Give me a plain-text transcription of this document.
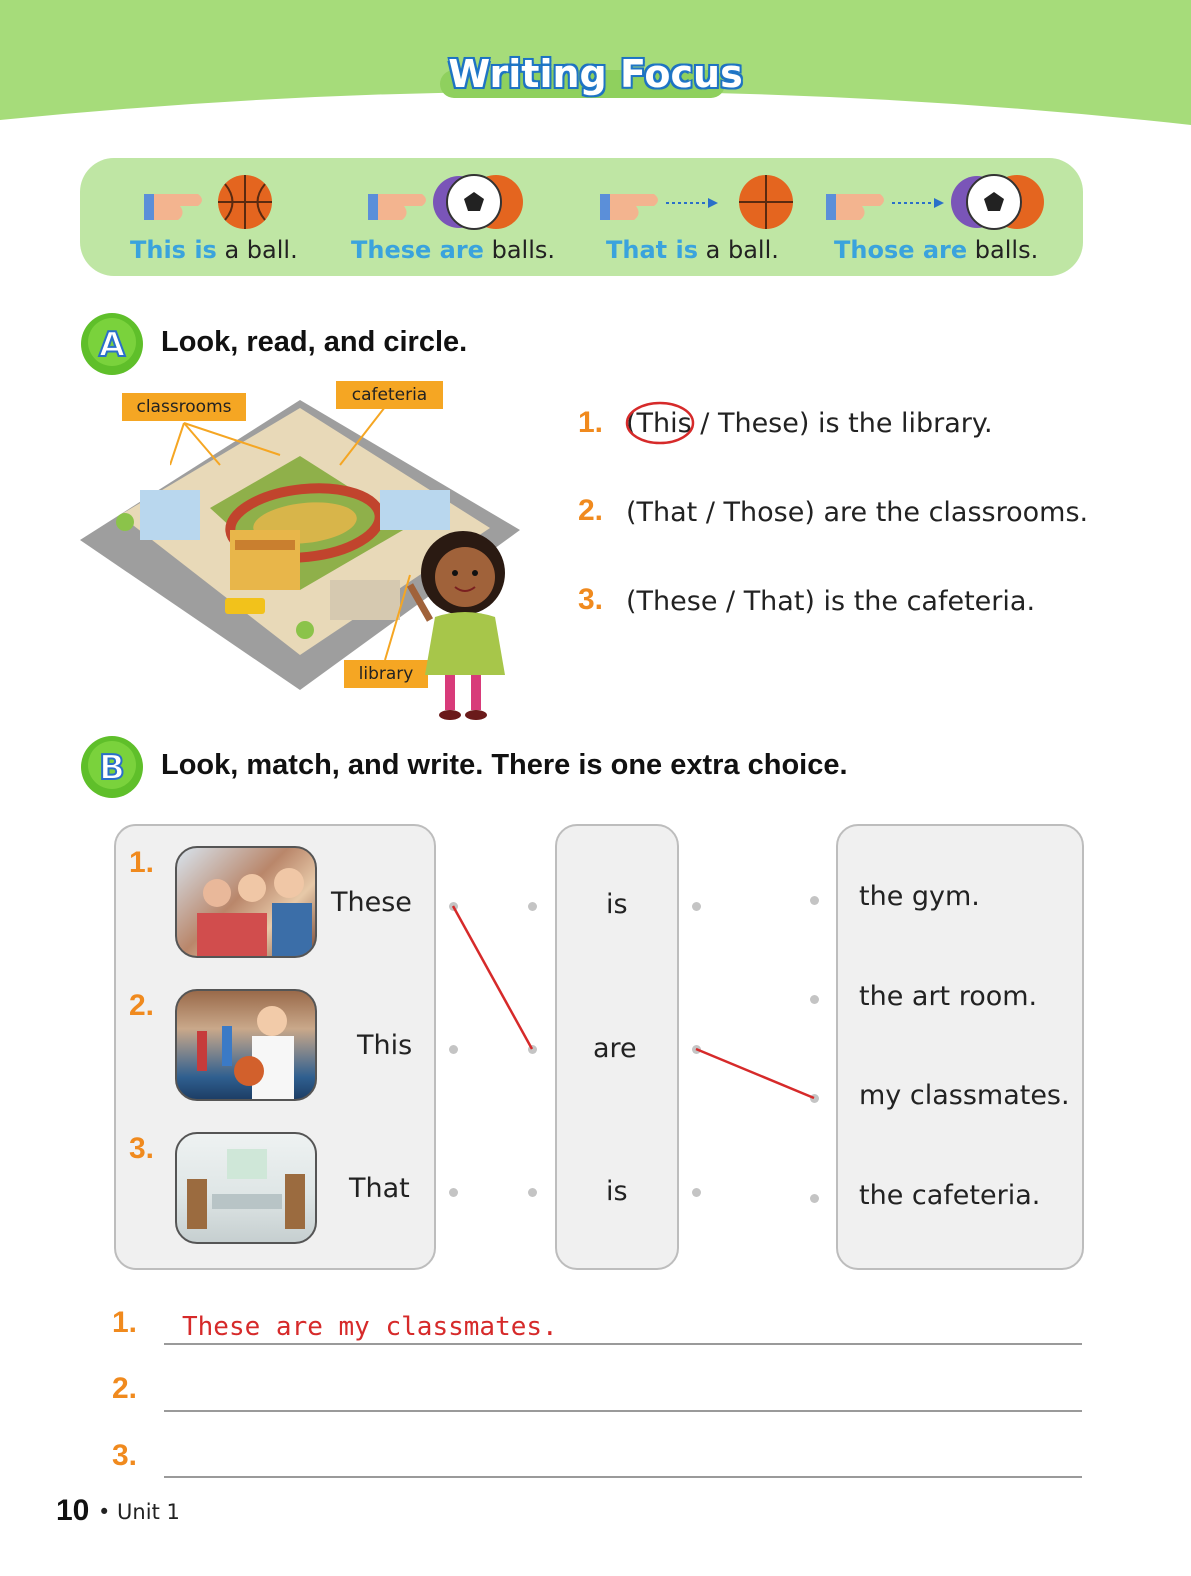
Writing Focus
This is a ball. These are balls. That is a ball. Those are balls.
A Look, read, and circle.
classrooms
cafeteria
library
1. (This / These) is the library.
2. (That / Those) are the classrooms.
3. (These / That) is the cafeteria.
B Look, match, and write. There is one extra choice.
1.
These
2.
This
3.
That
is
are
is
the gym.
the art room.
my classmates.
the cafeteria.
1. These are my classmates.
2.
3.
10 • Unit 1
